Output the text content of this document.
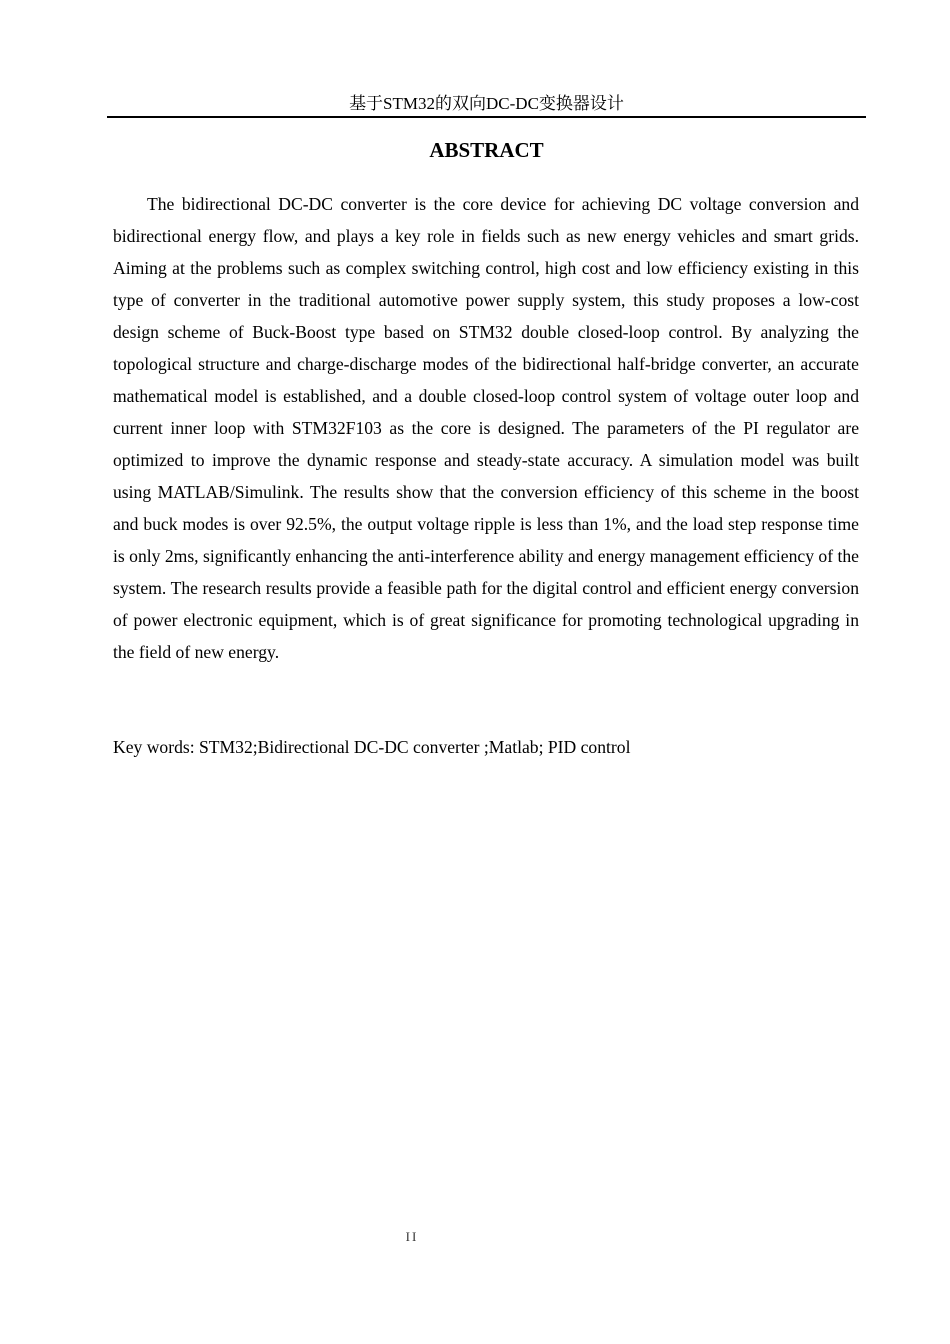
基于STM32的双向DC-DC变换器设计
ABSTRACT

The bidirectional DC-DC converter is the core device for achieving DC voltage conversion and bidirectional energy flow, and plays a key role in fields such as new energy vehicles and smart grids. Aiming at the problems such as complex switching control, high cost and low efficiency existing in this type of converter in the traditional automotive power supply system, this study proposes a low-cost design scheme of Buck-Boost type based on STM32 double closed-loop control. By analyzing the topological structure and charge-discharge modes of the bidirectional half-bridge converter, an accurate mathematical model is established, and a double closed-loop control system of voltage outer loop and current inner loop with STM32F103 as the core is designed. The parameters of the PI regulator are optimized to improve the dynamic response and steady-state accuracy. A simulation model was built using MATLAB/Simulink. The results show that the conversion efficiency of this scheme in the boost and buck modes is over 92.5%, the output voltage ripple is less than 1%, and the load step response time is only 2ms, significantly enhancing the anti-interference ability and energy management efficiency of the system. The research results provide a feasible path for the digital control and efficient energy conversion of power electronic equipment, which is of great significance for promoting technological upgrading in the field of new energy.

Key words: STM32;Bidirectional DC-DC converter ;Matlab; PID control
II
